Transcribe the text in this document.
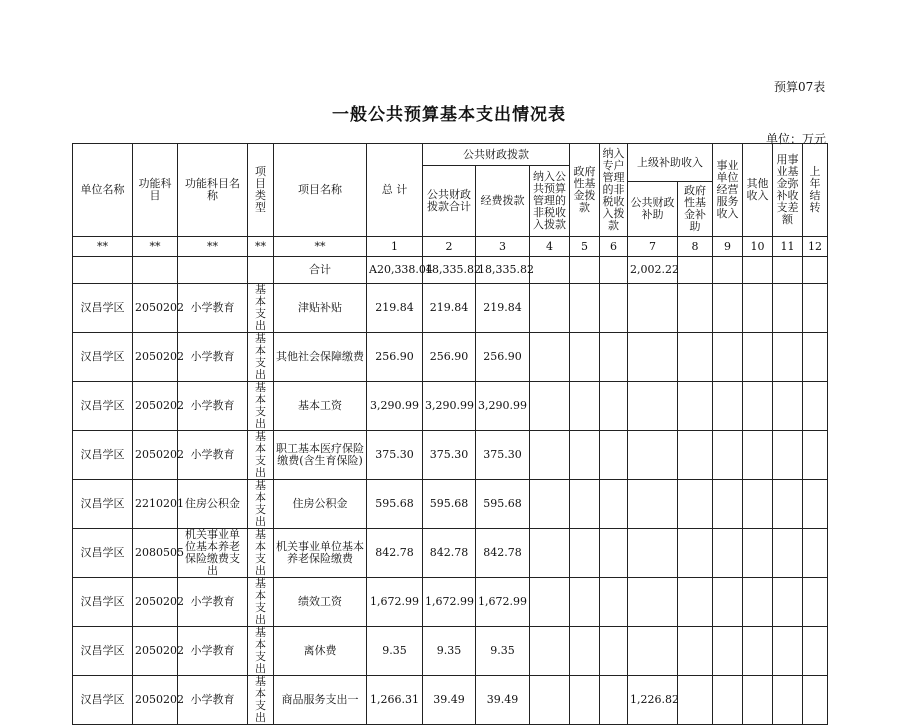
预算07表
一般公共预算基本支出情况表
单位：万元
单位名称	功能科目	功能科目名称	项目类型	项目名称	总 计	公共财政拨款			政府性基金拨款	纳入专户管理的非税收入拨款	上级补助收入		事业单位经营服务收入	其他收入	用事业基金弥补收支差额	上年结转
						公共财政拨款合计	经费拨款	纳入公共预算管理的非税收入拨款								
											公共财政补助	政府性基金补助				
**	**	**	**	**	1	2	3	4	5	6	7	8	9	10	11	12
				合计	A20,338.04	18,335.82	18,335.82				2,002.22					
汉昌学区	2050202	小学教育	基本支出	津贴补贴	219.84	219.84	219.84									
汉昌学区	2050202	小学教育	基本支出	其他社会保障缴费	256.90	256.90	256.90									
汉昌学区	2050202	小学教育	基本支出	基本工资	3,290.99	3,290.99	3,290.99									
汉昌学区	2050202	小学教育	基本支出	职工基本医疗保险缴费(含生育保险)	375.30	375.30	375.30									
汉昌学区	2210201	住房公积金	基本支出	住房公积金	595.68	595.68	595.68									
汉昌学区	2080505	机关事业单位基本养老保险缴费支出	基本支出	机关事业单位基本养老保险缴费	842.78	842.78	842.78									
汉昌学区	2050202	小学教育	基本支出	绩效工资	1,672.99	1,672.99	1,672.99									
汉昌学区	2050202	小学教育	基本支出	离休费	9.35	9.35	9.35									
汉昌学区	2050202	小学教育	基本支出	商品服务支出一	1,266.31	39.49	39.49				1,226.82					
